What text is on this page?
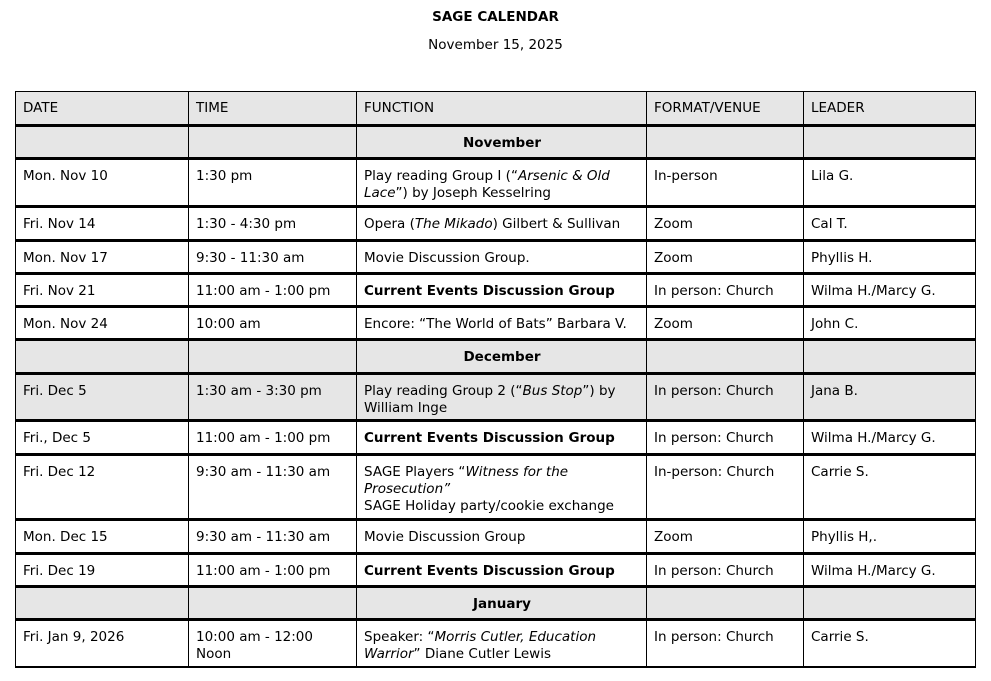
SAGE CALENDAR
November 15, 2025
DATE	TIME	FUNCTION	FORMAT/VENUE	LEADER
		November		
Mon. Nov 10	1:30 pm	Play reading Group I (“Arsenic & Old Lace”) by Joseph Kesselring	In-person	Lila G.
Fri. Nov 14	1:30 - 4:30 pm	Opera (The Mikado) Gilbert & Sullivan	Zoom	Cal T.
Mon. Nov 17	9:30 - 11:30 am	Movie Discussion Group.	Zoom	Phyllis H.
Fri. Nov 21	11:00 am - 1:00 pm	Current Events Discussion Group	In person: Church	Wilma H./Marcy G.
Mon. Nov 24	10:00 am	Encore: “The World of Bats” Barbara V.	Zoom	John C.
		December		
Fri. Dec 5	1:30 am - 3:30 pm	Play reading Group 2 (“Bus Stop”) by William Inge	In person: Church	Jana B.
Fri., Dec 5	11:00 am - 1:00 pm	Current Events Discussion Group	In person: Church	Wilma H./Marcy G.
Fri. Dec 12	9:30 am - 11:30 am	SAGE Players “Witness for the Prosecution”
SAGE Holiday party/cookie exchange	In-person: Church	Carrie S.
Mon. Dec 15	9:30 am - 11:30 am	Movie Discussion Group	Zoom	Phyllis H,.
Fri. Dec 19	11:00 am - 1:00 pm	Current Events Discussion Group	In person: Church	Wilma H./Marcy G.
		January		
Fri. Jan 9, 2026	10:00 am - 12:00 Noon	Speaker: “Morris Cutler, Education Warrior” Diane Cutler Lewis	In person: Church	Carrie S.
